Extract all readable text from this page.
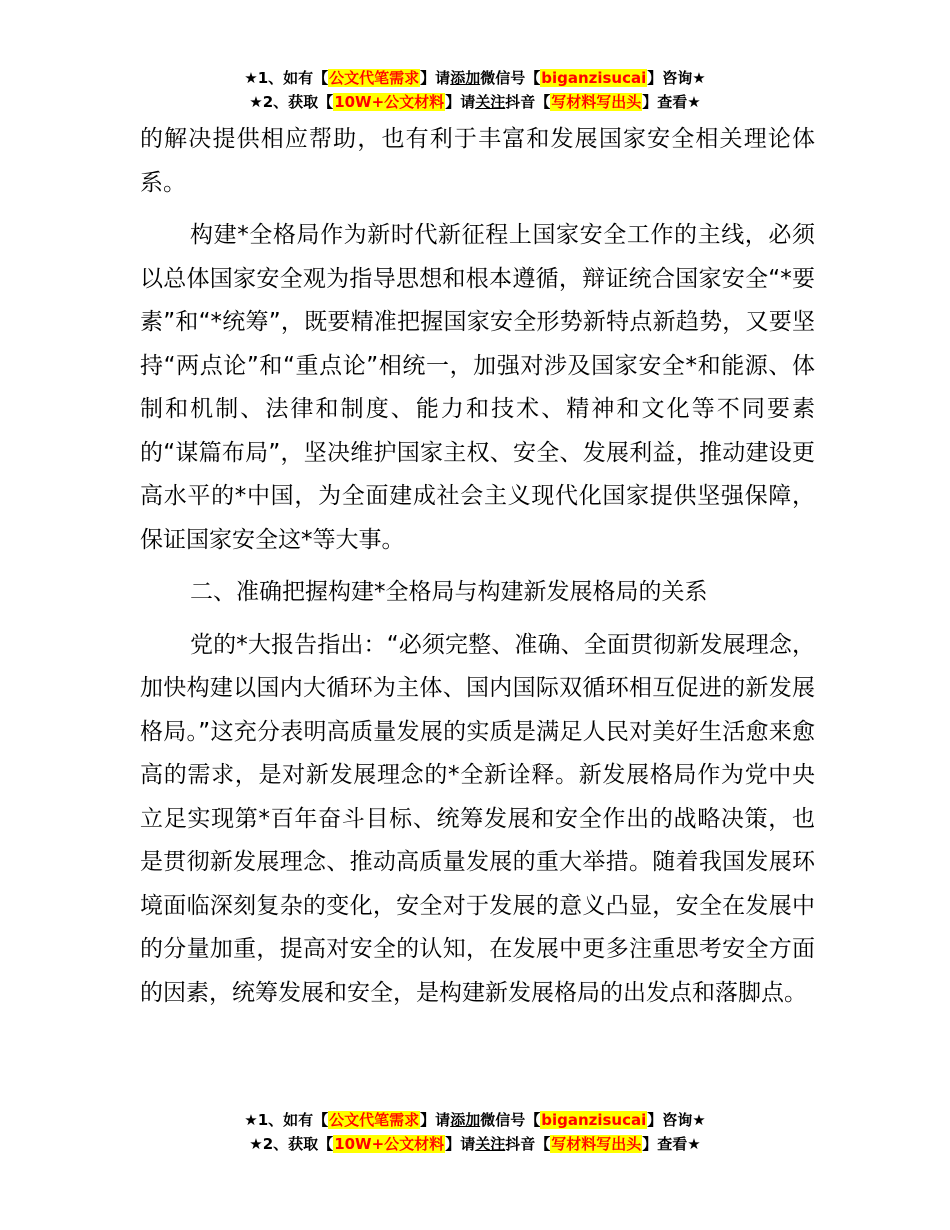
★1、如有【公文代笔需求】请添加微信号【biganzisucai】咨询★
★2、获取【10W+公文材料】请关注抖音【写材料写出头】查看★

的解决提供相应帮助，也有利于丰富和发展国家安全相关理论体系。

构建*全格局作为新时代新征程上国家安全工作的主线，必须以总体国家安全观为指导思想和根本遵循，辩证统合国家安全“*要素”和“*统筹”，既要精准把握国家安全形势新特点新趋势，又要坚持“两点论”和“重点论”相统一，加强对涉及国家安全*和能源、体制和机制、法律和制度、能力和技术、精神和文化等不同要素的“谋篇布局”，坚决维护国家主权、安全、发展利益，推动建设更高水平的*中国，为全面建成社会主义现代化国家提供坚强保障，保证国家安全这*等大事。

二、准确把握构建*全格局与构建新发展格局的关系

党的*大报告指出：“必须完整、准确、全面贯彻新发展理念，加快构建以国内大循环为主体、国内国际双循环相互促进的新发展格局。”这充分表明高质量发展的实质是满足人民对美好生活愈来愈高的需求，是对新发展理念的*全新诠释。新发展格局作为党中央立足实现第*百年奋斗目标、统筹发展和安全作出的战略决策，也是贯彻新发展理念、推动高质量发展的重大举措。随着我国发展环境面临深刻复杂的变化，安全对于发展的意义凸显，安全在发展中的分量加重，提高对安全的认知，在发展中更多注重思考安全方面的因素，统筹发展和安全，是构建新发展格局的出发点和落脚点。

★1、如有【公文代笔需求】请添加微信号【biganzisucai】咨询★
★2、获取【10W+公文材料】请关注抖音【写材料写出头】查看★
